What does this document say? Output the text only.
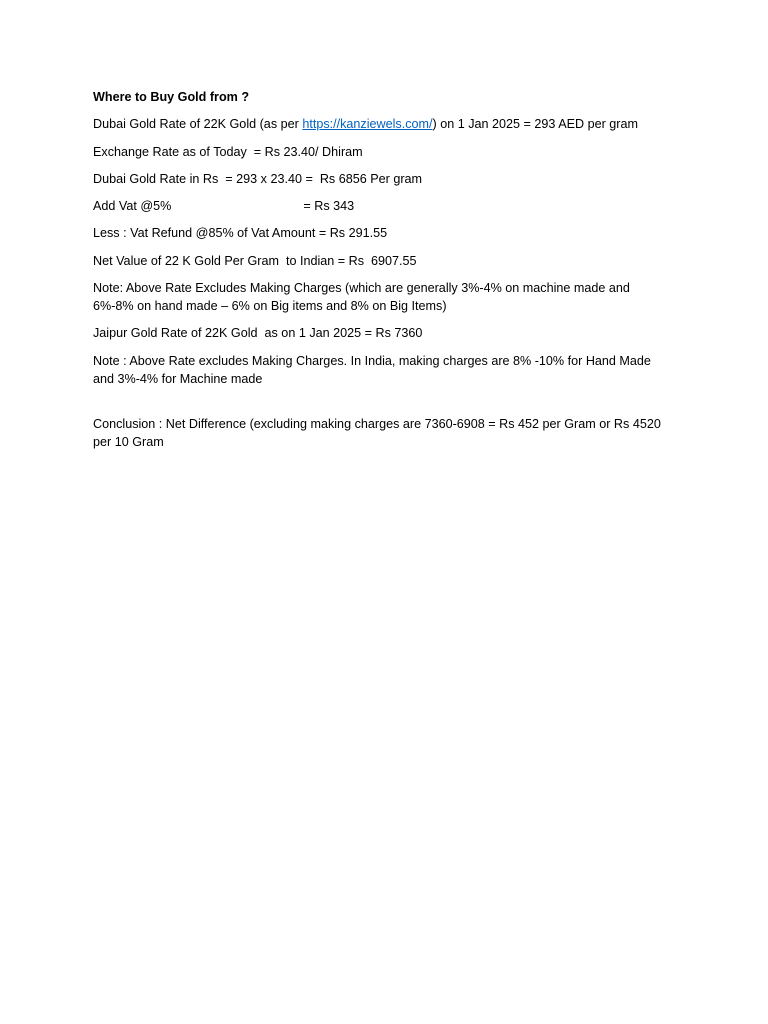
Where to Buy Gold from ?
Dubai Gold Rate of 22K Gold (as per https://kanziewels.com/) on 1 Jan 2025 = 293 AED per gram
Exchange Rate as of Today  = Rs 23.40/ Dhiram
Dubai Gold Rate in Rs  = 293 x 23.40 =  Rs 6856 Per gram
Add Vat @5%	= Rs 343
Less : Vat Refund @85% of Vat Amount = Rs 291.55
Net Value of 22 K Gold Per Gram  to Indian = Rs  6907.55
Note: Above Rate Excludes Making Charges (which are generally 3%-4% on machine made and 6%-8% on hand made – 6% on Big items and 8% on Big Items)
Jaipur Gold Rate of 22K Gold  as on 1 Jan 2025 = Rs 7360
Note : Above Rate excludes Making Charges. In India, making charges are 8% -10% for Hand Made and 3%-4% for Machine made
Conclusion : Net Difference (excluding making charges are 7360-6908 = Rs 452 per Gram or Rs 4520 per 10 Gram
